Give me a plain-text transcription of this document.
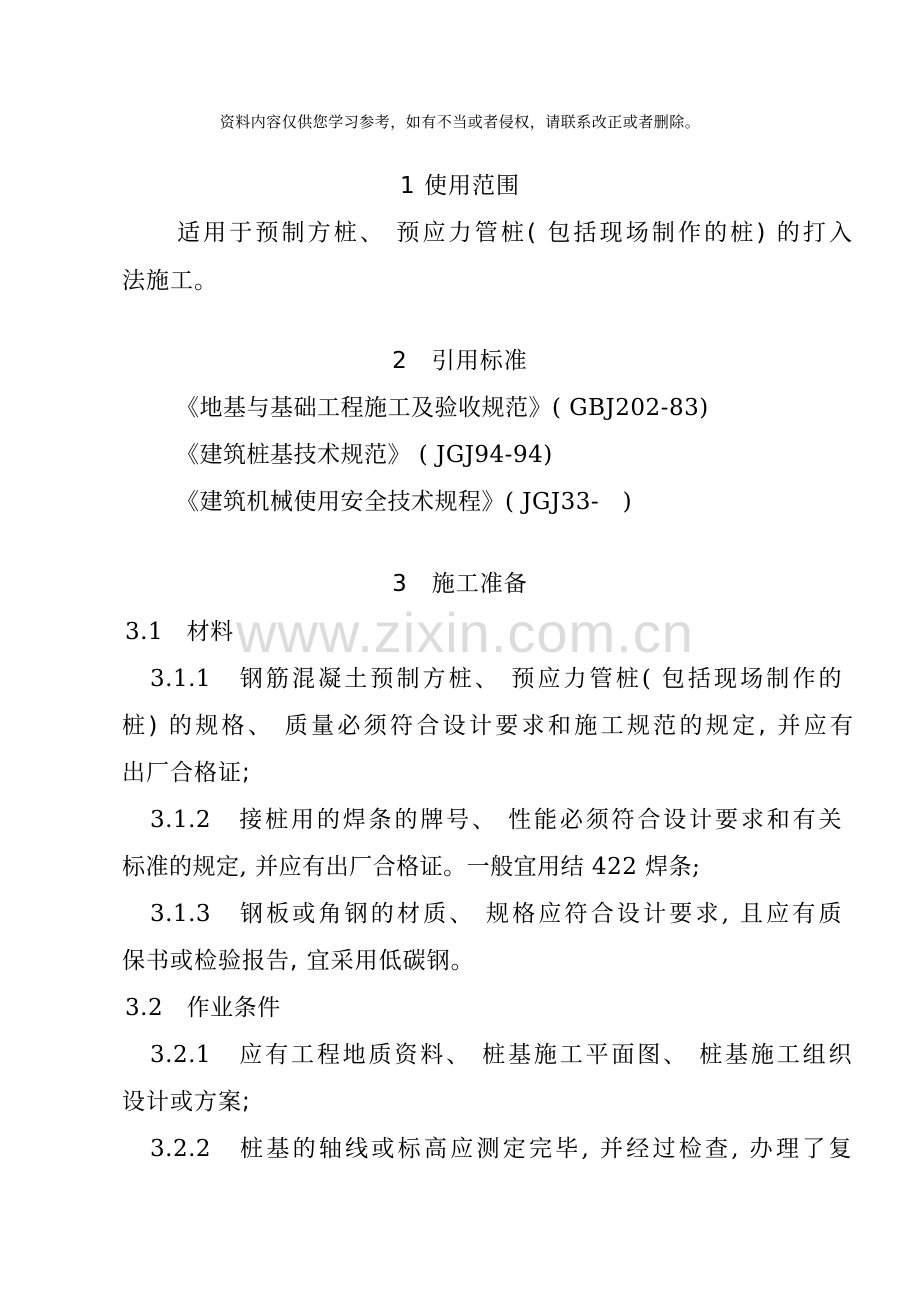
资料内容仅供您学习参考，如有不当或者侵权，请联系改正或者删除。
www.zixin.com.cn
1 使用范围
适用于预制方桩、 预应力管桩( 包括现场制作的桩) 的打入
法施工。
2　引用标准
《地基与基础工程施工及验收规范》( GBJ202-83)
《建筑桩基技术规范》 ( JGJ94-94)
《建筑机械使用安全技术规程》( JGJ33-　)
3　施工准备
3.1　材料
3.1.1　钢筋混凝土预制方桩、 预应力管桩( 包括现场制作的
桩) 的规格、 质量必须符合设计要求和施工规范的规定, 并应有
出厂合格证;
3.1.2　接桩用的焊条的牌号、 性能必须符合设计要求和有关
标准的规定, 并应有出厂合格证。一般宜用结 422 焊条;
3.1.3　钢板或角钢的材质、 规格应符合设计要求, 且应有质
保书或检验报告, 宜采用低碳钢。
3.2　作业条件
3.2.1　应有工程地质资料、 桩基施工平面图、 桩基施工组织
设计或方案;
3.2.2　桩基的轴线或标高应测定完毕, 并经过检查, 办理了复
